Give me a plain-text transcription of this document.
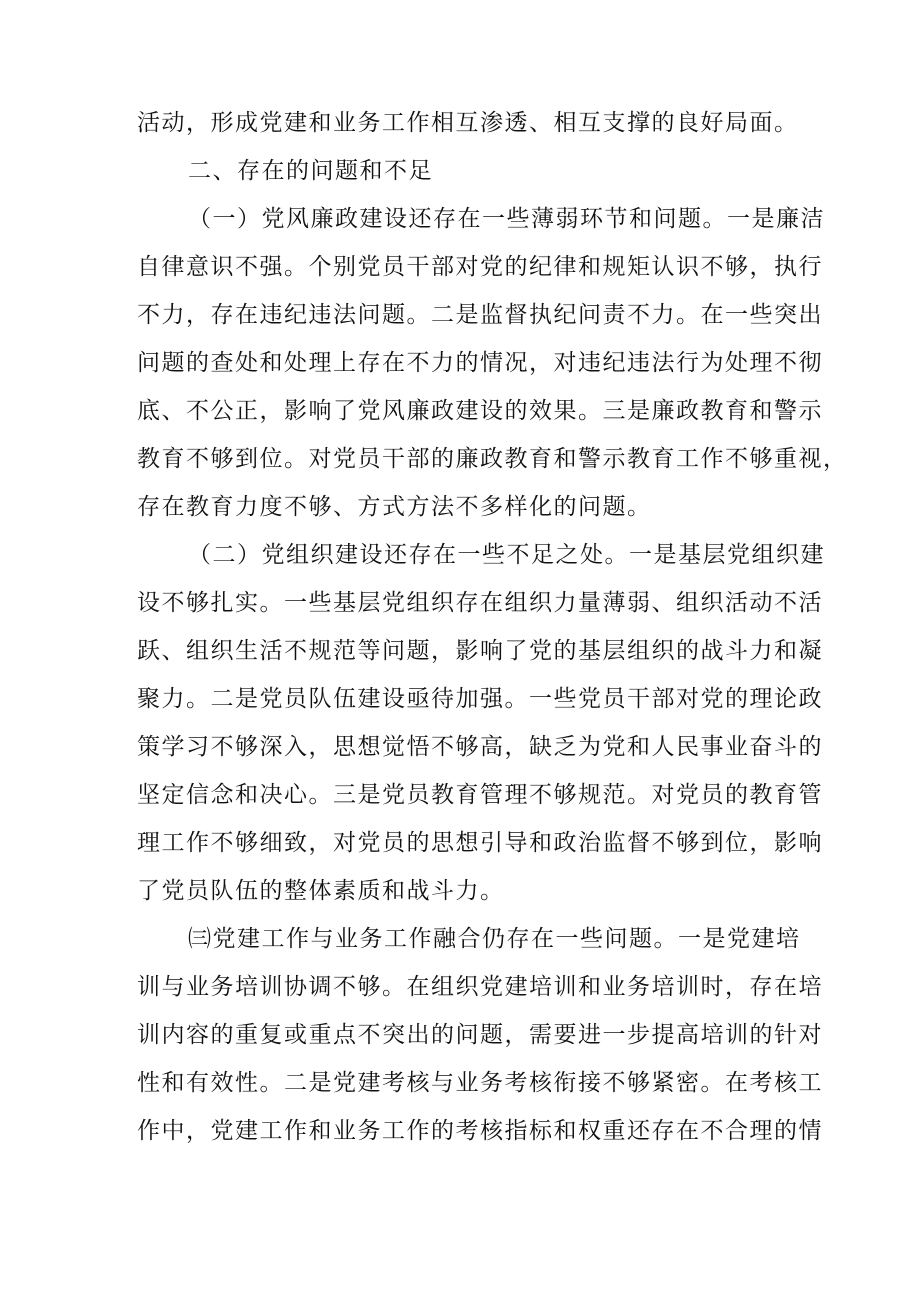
活动，形成党建和业务工作相互渗透、相互支撑的良好局面。
二、存在的问题和不足
（一）党风廉政建设还存在一些薄弱环节和问题。一是廉洁
自律意识不强。个别党员干部对党的纪律和规矩认识不够，执行
不力，存在违纪违法问题。二是监督执纪问责不力。在一些突出
问题的查处和处理上存在不力的情况，对违纪违法行为处理不彻
底、不公正，影响了党风廉政建设的效果。三是廉政教育和警示
教育不够到位。对党员干部的廉政教育和警示教育工作不够重视，
存在教育力度不够、方式方法不多样化的问题。
（二）党组织建设还存在一些不足之处。一是基层党组织建
设不够扎实。一些基层党组织存在组织力量薄弱、组织活动不活
跃、组织生活不规范等问题，影响了党的基层组织的战斗力和凝
聚力。二是党员队伍建设亟待加强。一些党员干部对党的理论政
策学习不够深入，思想觉悟不够高，缺乏为党和人民事业奋斗的
坚定信念和决心。三是党员教育管理不够规范。对党员的教育管
理工作不够细致，对党员的思想引导和政治监督不够到位，影响
了党员队伍的整体素质和战斗力。
㈢党建工作与业务工作融合仍存在一些问题。一是党建培
训与业务培训协调不够。在组织党建培训和业务培训时，存在培
训内容的重复或重点不突出的问题，需要进一步提高培训的针对
性和有效性。二是党建考核与业务考核衔接不够紧密。在考核工
作中，党建工作和业务工作的考核指标和权重还存在不合理的情
